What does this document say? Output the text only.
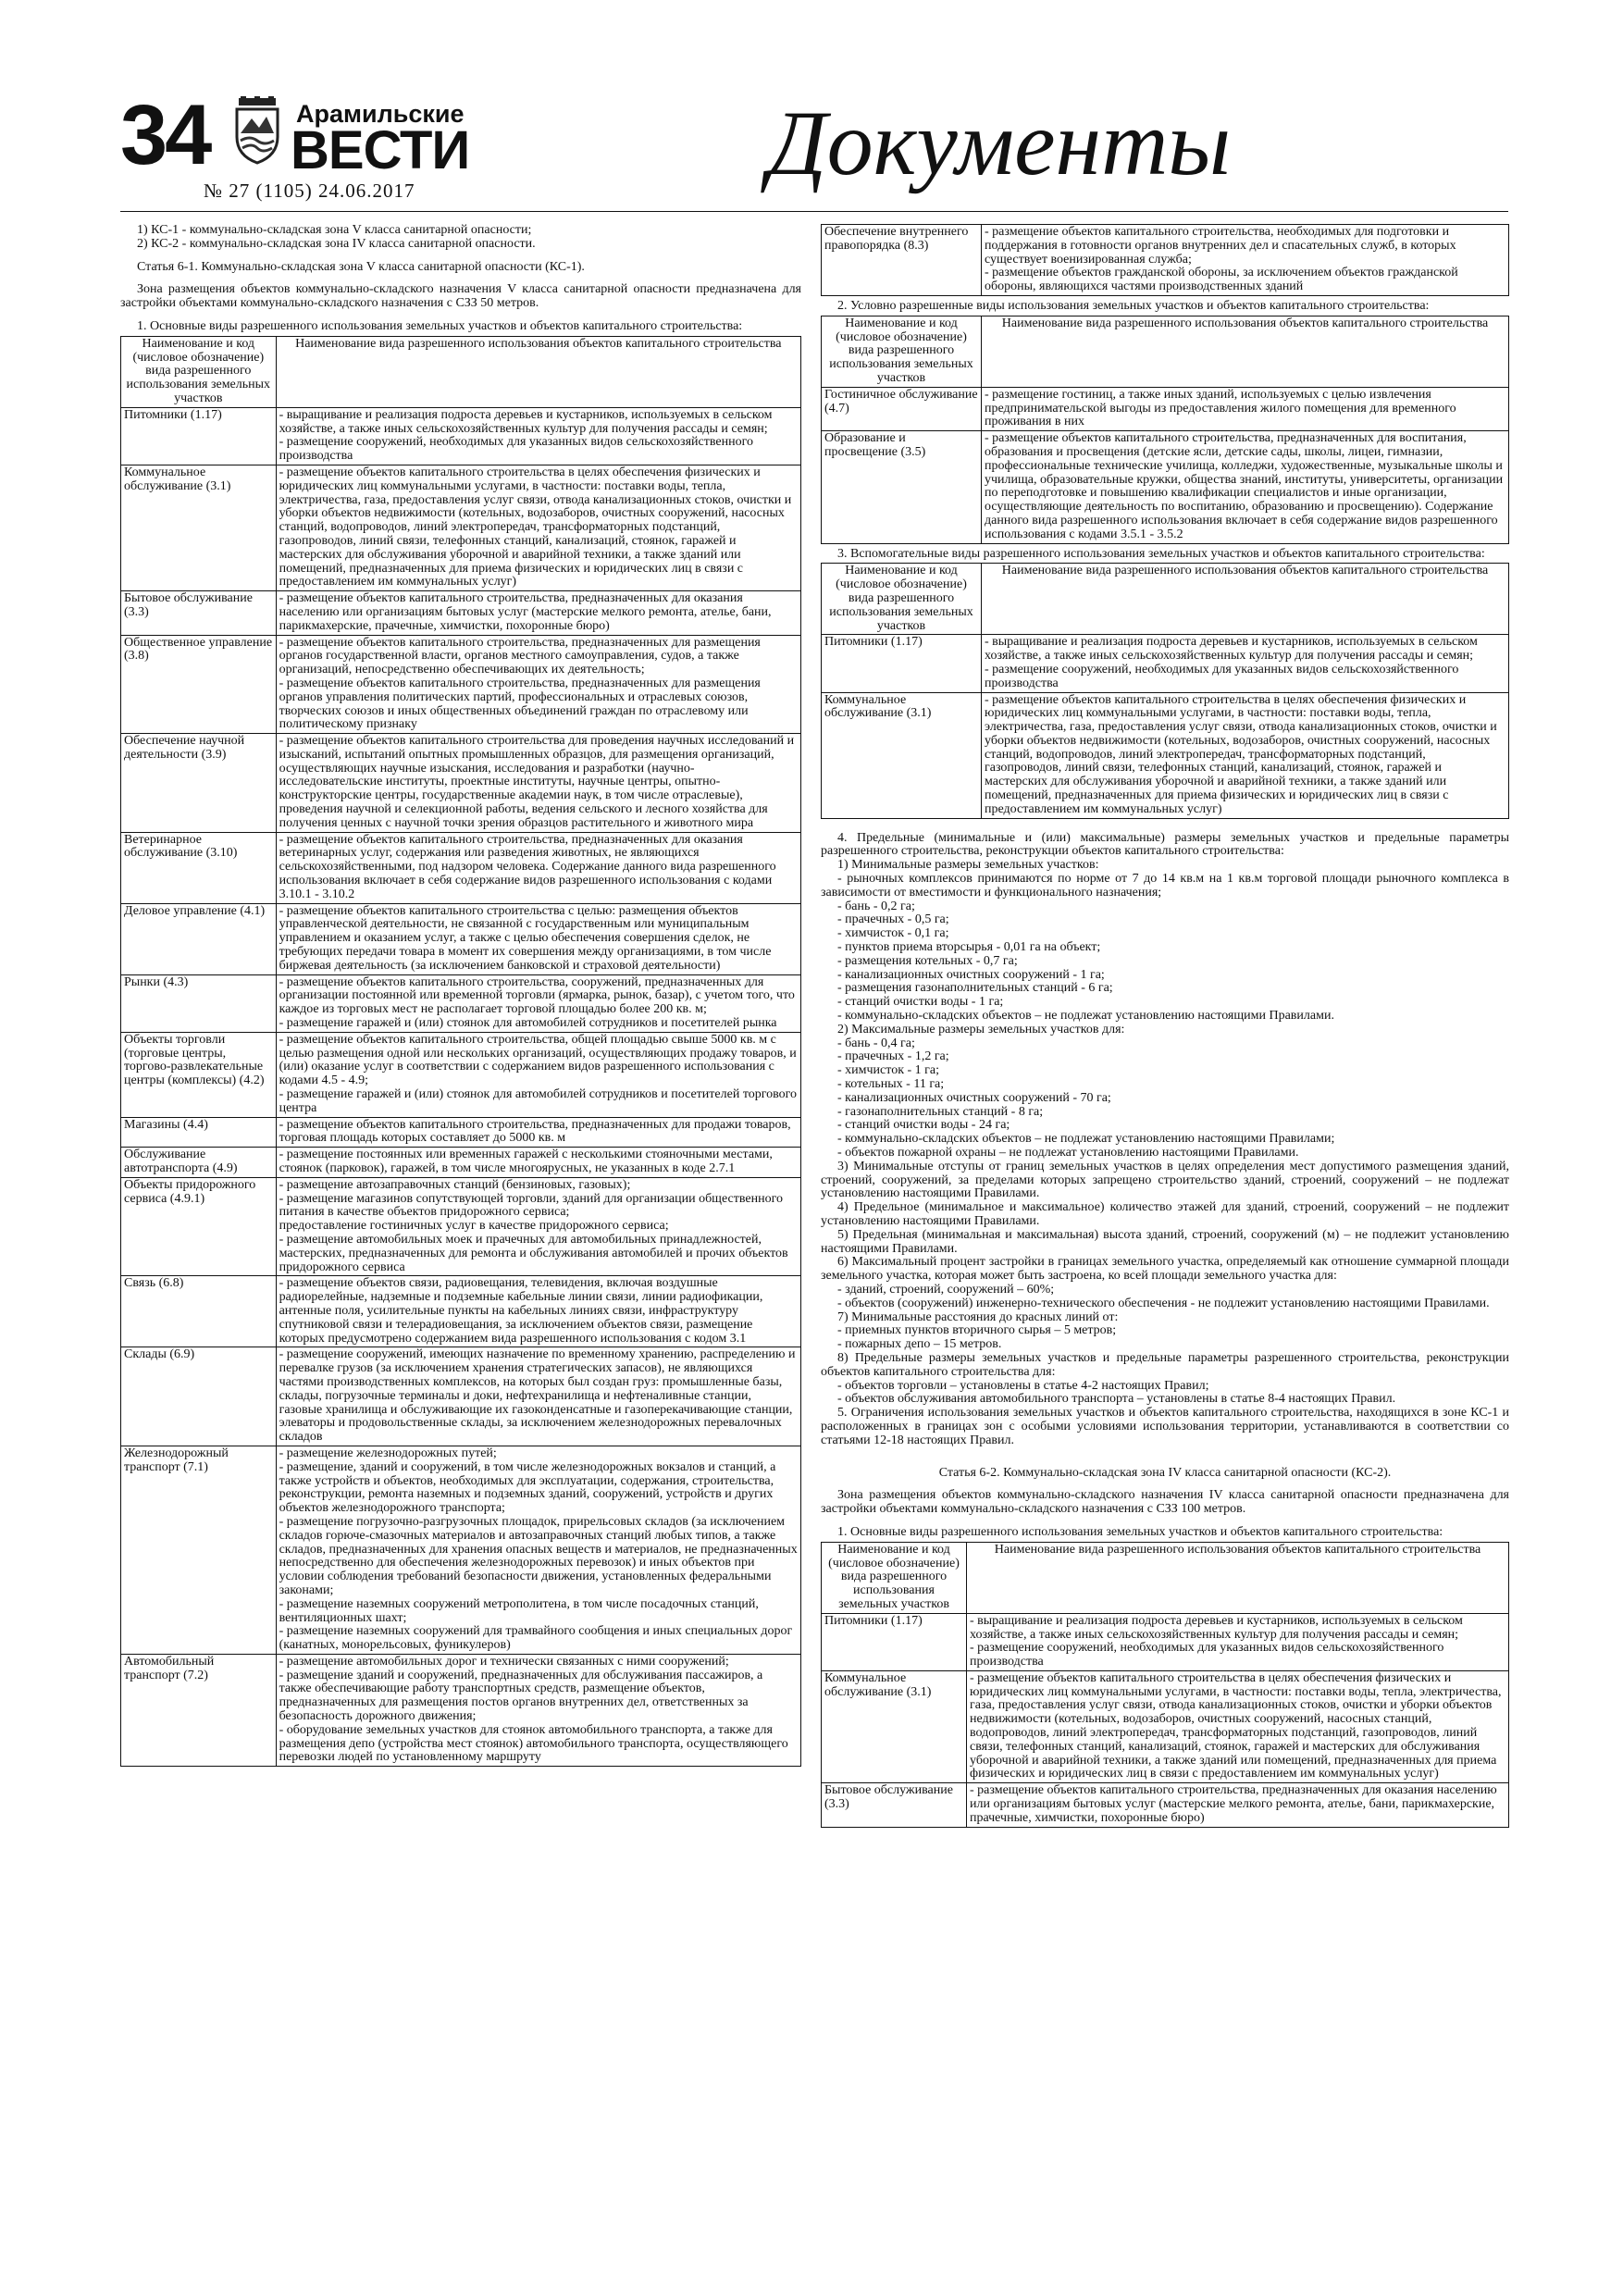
34	Арамильские
ВЕСТИ
№ 27 (1105) 24.06.2017	Документы

1) КС-1 - коммунально-складская зона V класса санитарной опасности;

2) КС-2 - коммунально-складская зона IV класса санитарной опасности.

Статья 6-1. Коммунально-складская зона V класса санитарной опасности (КС-1).

Зона размещения объектов коммунально-складского назначения V класса санитарной опасности предназначена для застройки объектами коммунально-складского назначения с СЗЗ 50 метров.

1. Основные виды разрешенного использования земельных участков и объектов капитального строительства:

Наименование и код (числовое обозначение) вида разрешенного использования земельных участков	Наименование вида разрешенного использования объектов капитального строительства
Питомники (1.17)	- выращивание и реализация подроста деревьев и кустарников, используемых в сельском хозяйстве, а также иных сельскохозяйственных культур для получения рассады и семян;
- размещение сооружений, необходимых для указанных видов сельскохозяйственного производства

Коммунальное обслуживание (3.1)	- размещение объектов капитального строительства в целях обеспечения физических и юридических лиц коммунальными услугами, в частности: поставки воды, тепла, электричества, газа, предоставления услуг связи, отвода канализационных стоков, очистки и уборки объектов недвижимости (котельных, водозаборов, очистных сооружений, насосных станций, водопроводов, линий электропередач, трансформаторных подстанций, газопроводов, линий связи, телефонных станций, канализаций, стоянок, гаражей и мастерских для обслуживания уборочной и аварийной техники, а также зданий или помещений, предназначенных для приема физических и юридических лиц в связи с предоставлением им коммунальных услуг)

Бытовое обслуживание (3.3)	- размещение объектов капитального строительства, предназначенных для оказания населению или организациям бытовых услуг (мастерские мелкого ремонта, ателье, бани, парикмахерские, прачечные, химчистки, похоронные бюро)

Общественное управление (3.8)	- размещение объектов капитального строительства, предназначенных для размещения органов государственной власти, органов местного самоуправления, судов, а также организаций, непосредственно обеспечивающих их деятельность;
- размещение объектов капитального строительства, предназначенных для размещения органов управления политических партий, профессиональных и отраслевых союзов, творческих союзов и иных общественных объединений граждан по отраслевому или политическому признаку

Обеспечение научной деятельности (3.9)	- размещение объектов капитального строительства для проведения научных исследований и изысканий, испытаний опытных промышленных образцов, для размещения организаций, осуществляющих научные изыскания, исследования и разработки (научно-исследовательские институты, проектные институты, научные центры, опытно-конструкторские центры, государственные академии наук, в том числе отраслевые), проведения научной и селекционной работы, ведения сельского и лесного хозяйства для получения ценных с научной точки зрения образцов растительного и животного мира

Ветеринарное обслуживание (3.10)	- размещение объектов капитального строительства, предназначенных для оказания ветеринарных услуг, содержания или разведения животных, не являющихся сельскохозяйственными, под надзором человека. Содержание данного вида разрешенного использования включает в себя содержание видов разрешенного использования с кодами 3.10.1 - 3.10.2

Деловое управление (4.1)	- размещение объектов капитального строительства с целью: размещения объектов управленческой деятельности, не связанной с государственным или муниципальным управлением и оказанием услуг, а также с целью обеспечения совершения сделок, не требующих передачи товара в момент их совершения между организациями, в том числе биржевая деятельность (за исключением банковской и страховой деятельности)

Рынки (4.3)	- размещение объектов капитального строительства, сооружений, предназначенных для организации постоянной или временной торговли (ярмарка, рынок, базар), с учетом того, что каждое из торговых мест не располагает торговой площадью более 200 кв. м;
- размещение гаражей и (или) стоянок для автомобилей сотрудников и посетителей рынка

Объекты торговли (торговые центры, торгово-развлекательные центры (комплексы) (4.2)	- размещение объектов капитального строительства, общей площадью свыше 5000 кв. м с целью размещения одной или нескольких организаций, осуществляющих продажу товаров, и (или) оказание услуг в соответствии с содержанием видов разрешенного использования с кодами 4.5 - 4.9;
- размещение гаражей и (или) стоянок для автомобилей сотрудников и посетителей торгового центра

Магазины (4.4)	- размещение объектов капитального строительства, предназначенных для продажи товаров, торговая площадь которых составляет до 5000 кв. м

Обслуживание автотранспорта (4.9)	- размещение постоянных или временных гаражей с несколькими стояночными местами, стоянок (парковок), гаражей, в том числе многоярусных, не указанных в коде 2.7.1

Объекты придорожного сервиса (4.9.1)	- размещение автозаправочных станций (бензиновых, газовых);
- размещение магазинов сопутствующей торговли, зданий для организации общественного питания в качестве объектов придорожного сервиса;
предоставление гостиничных услуг в качестве придорожного сервиса;
- размещение автомобильных моек и прачечных для автомобильных принадлежностей, мастерских, предназначенных для ремонта и обслуживания автомобилей и прочих объектов придорожного сервиса

Связь (6.8)	- размещение объектов связи, радиовещания, телевидения, включая воздушные радиорелейные, надземные и подземные кабельные линии связи, линии радиофикации, антенные поля, усилительные пункты на кабельных линиях связи, инфраструктуру спутниковой связи и телерадиовещания, за исключением объектов связи, размещение которых предусмотрено содержанием вида разрешенного использования с кодом 3.1

Склады (6.9)	- размещение сооружений, имеющих назначение по временному хранению, распределению и перевалке грузов (за исключением хранения стратегических запасов), не являющихся частями производственных комплексов, на которых был создан груз: промышленные базы, склады, погрузочные терминалы и доки, нефтехранилища и нефтеналивные станции, газовые хранилища и обслуживающие их газоконденсатные и газоперекачивающие станции, элеваторы и продовольственные склады, за исключением железнодорожных перевалочных складов

Железнодорожный транспорт (7.1)	- размещение железнодорожных путей;
- размещение, зданий и сооружений, в том числе железнодорожных вокзалов и станций, а также устройств и объектов, необходимых для эксплуатации, содержания, строительства, реконструкции, ремонта наземных и подземных зданий, сооружений, устройств и других объектов железнодорожного транспорта;
- размещение погрузочно-разгрузочных площадок, прирельсовых складов (за исключением складов горюче-смазочных материалов и автозаправочных станций любых типов, а также складов, предназначенных для хранения опасных веществ и материалов, не предназначенных непосредственно для обеспечения железнодорожных перевозок) и иных объектов при условии соблюдения требований безопасности движения, установленных федеральными законами;
- размещение наземных сооружений метрополитена, в том числе посадочных станций, вентиляционных шахт;
- размещение наземных сооружений для трамвайного сообщения и иных специальных дорог (канатных, монорельсовых, фуникулеров)

Автомобильный транспорт (7.2)	- размещение автомобильных дорог и технически связанных с ними сооружений;
- размещение зданий и сооружений, предназначенных для обслуживания пассажиров, а также обеспечивающие работу транспортных средств, размещение объектов, предназначенных для размещения постов органов внутренних дел, ответственных за безопасность дорожного движения;
- оборудование земельных участков для стоянок автомобильного транспорта, а также для размещения депо (устройства мест стоянок) автомобильного транспорта, осуществляющего перевозки людей по установленному маршруту
Обеспечение внутреннего правопорядка (8.3)	
- размещение объектов капитального строительства, необходимых для подготовки и поддержания в готовности органов внутренних дел и спасательных служб, в которых существует военизированная служба;
- размещение объектов гражданской обороны, за исключением объектов гражданской обороны, являющихся частями производственных зданий

2. Условно разрешенные виды использования земельных участков и объектов капитального строительства:

Наименование и код (числовое обозначение) вида разрешенного использования земельных участков	Наименование вида разрешенного использования объектов капитального строительства
Гостиничное обслуживание (4.7)	- размещение гостиниц, а также иных зданий, используемых с целью извлечения предпринимательской выгоды из предоставления жилого помещения для временного проживания в них

Образование и просвещение (3.5)	- размещение объектов капитального строительства, предназначенных для воспитания, образования и просвещения (детские ясли, детские сады, школы, лицеи, гимназии, профессиональные технические училища, колледжи, художественные, музыкальные школы и училища, образовательные кружки, общества знаний, институты, университеты, организации по переподготовке и повышению квалификации специалистов и иные организации, осуществляющие деятельность по воспитанию, образованию и просвещению). Содержание данного вида разрешенного использования включает в себя содержание видов разрешенного использования с кодами 3.5.1 - 3.5.2

3. Вспомогательные виды разрешенного использования земельных участков и объектов капитального строительства:

Наименование и код (числовое обозначение) вида разрешенного использования земельных участков	Наименование вида разрешенного использования объектов капитального строительства
Питомники (1.17)	- выращивание и реализация подроста деревьев и кустарников, используемых в сельском хозяйстве, а также иных сельскохозяйственных культур для получения рассады и семян;
- размещение сооружений, необходимых для указанных видов сельскохозяйственного производства

Коммунальное обслуживание (3.1)	- размещение объектов капитального строительства в целях обеспечения физических и юридических лиц коммунальными услугами, в частности: поставки воды, тепла, электричества, газа, предоставления услуг связи, отвода канализационных стоков, очистки и уборки объектов недвижимости (котельных, водозаборов, очистных сооружений, насосных станций, водопроводов, линий электропередач, трансформаторных подстанций, газопроводов, линий связи, телефонных станций, канализаций, стоянок, гаражей и мастерских для обслуживания уборочной и аварийной техники, а также зданий или помещений, предназначенных для приема физических и юридических лиц в связи с предоставлением им коммунальных услуг)

4. Предельные (минимальные и (или) максимальные) размеры земельных участков и предельные параметры разрешенного строительства, реконструкции объектов капитального строительства:

1) Минимальные размеры земельных участков:

- рыночных комплексов принимаются по норме от 7 до 14 кв.м на 1 кв.м торговой площади рыночного комплекса в зависимости от вместимости и функционального назначения;

- бань - 0,2 га;

- прачечных - 0,5 га;

- химчисток - 0,1 га;

- пунктов приема вторсырья - 0,01 га на объект;

- размещения котельных - 0,7 га;

- канализационных очистных сооружений - 1 га;

- размещения газонаполнительных станций - 6 га;

- станций очистки воды - 1 га;

- коммунально-складских объектов – не подлежат установлению настоящими Правилами.

2) Максимальные размеры земельных участков для:

- бань - 0,4 га;

- прачечных - 1,2 га;

- химчисток - 1 га;

- котельных - 11 га;

- канализационных очистных сооружений - 70 га;

- газонаполнительных станций - 8 га;

- станций очистки воды - 24 га;

- коммунально-складских объектов – не подлежат установлению настоящими Правилами;

- объектов пожарной охраны – не подлежат установлению настоящими Правилами.

3) Минимальные отступы от границ земельных участков в целях определения мест допустимого размещения зданий, строений, сооружений, за пределами которых запрещено строительство зданий, строений, сооружений – не подлежат установлению настоящими Правилами.

4) Предельное (минимальное и максимальное) количество этажей для зданий, строений, сооружений – не подлежит установлению настоящими Правилами.

5) Предельная (минимальная и максимальная) высота зданий, строений, сооружений (м) – не подлежит установлению настоящими Правилами.

6) Максимальный процент застройки в границах земельного участка, определяемый как отношение суммарной площади земельного участка, которая может быть застроена, ко всей площади земельного участка для:

- зданий, строений, сооружений – 60%;

- объектов (сооружений) инженерно-технического обеспечения - не подлежит установлению настоящими Правилами.

7) Минимальные расстояния до красных линий от:

- приемных пунктов вторичного сырья – 5 метров;

- пожарных депо – 15 метров.

8) Предельные размеры земельных участков и предельные параметры разрешенного строительства, реконструкции объектов капитального строительства для:

- объектов торговли – установлены в статье 4-2 настоящих Правил;

- объектов обслуживания автомобильного транспорта – установлены в статье 8-4 настоящих Правил.

5. Ограничения использования земельных участков и объектов капитального строительства, находящихся в зоне КС-1 и расположенных в границах зон с особыми условиями использования территории, устанавливаются в соответствии со статьями 12-18 настоящих Правил.

Статья 6-2. Коммунально-складская зона IV класса санитарной опасности (КС-2).

Зона размещения объектов коммунально-складского назначения IV класса санитарной опасности предназначена для застройки объектами коммунально-складского назначения с СЗЗ 100 метров.

1. Основные виды разрешенного использования земельных участков и объектов капитального строительства:

Наименование и код (числовое обозначение) вида разрешенного использования земельных участков	Наименование вида разрешенного использования объектов капитального строительства
Питомники (1.17)	- выращивание и реализация подроста деревьев и кустарников, используемых в сельском хозяйстве, а также иных сельскохозяйственных культур для получения рассады и семян;
- размещение сооружений, необходимых для указанных видов сельскохозяйственного производства

Коммунальное обслуживание (3.1)	- размещение объектов капитального строительства в целях обеспечения физических и юридических лиц коммунальными услугами, в частности: поставки воды, тепла, электричества, газа, предоставления услуг связи, отвода канализационных стоков, очистки и уборки объектов недвижимости (котельных, водозаборов, очистных сооружений, насосных станций, водопроводов, линий электропередач, трансформаторных подстанций, газопроводов, линий связи, телефонных станций, канализаций, стоянок, гаражей и мастерских для обслуживания уборочной и аварийной техники, а также зданий или помещений, предназначенных для приема физических и юридических лиц в связи с предоставлением им коммунальных услуг)

Бытовое обслуживание (3.3)	- размещение объектов капитального строительства, предназначенных для оказания населению или организациям бытовых услуг (мастерские мелкого ремонта, ателье, бани, парикмахерские, прачечные, химчистки, похоронные бюро)
